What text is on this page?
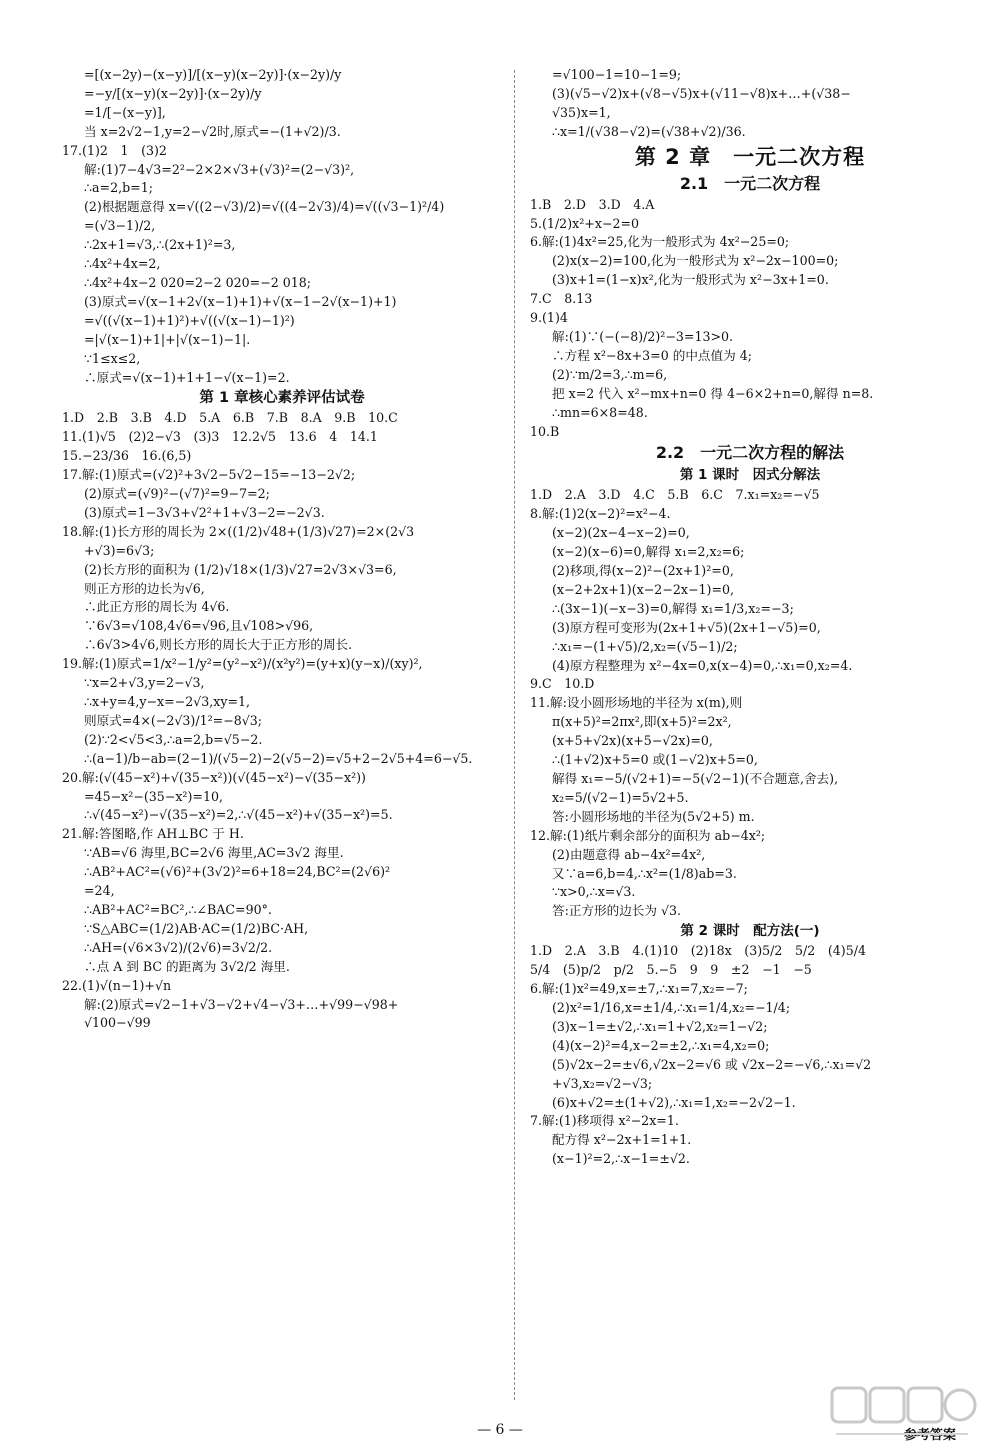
=[(x−2y)−(x−y)]/[(x−y)(x−2y)]·(x−2y)/y
=−y/[(x−y)(x−2y)]·(x−2y)/y
=1/[−(x−y)],
当 x=2√2−1,y=2−√2时,原式=−(1+√2)/3.
17.(1)2　1　(3)2
解:(1)7−4√3=2²−2×2×√3+(√3)²=(2−√3)²,
∴a=2,b=1;
(2)根据题意得 x=√((2−√3)/2)=√((4−2√3)/4)=√((√3−1)²/4)
=(√3−1)/2,
∴2x+1=√3,∴(2x+1)²=3,
∴4x²+4x=2,
∴4x²+4x−2 020=2−2 020=−2 018;
(3)原式=√(x−1+2√(x−1)+1)+√(x−1−2√(x−1)+1)
=√((√(x−1)+1)²)+√((√(x−1)−1)²)
=|√(x−1)+1|+|√(x−1)−1|.
∵1≤x≤2,
∴原式=√(x−1)+1+1−√(x−1)=2.
第 1 章核心素养评估试卷
1.D　2.B　3.B　4.D　5.A　6.B　7.B　8.A　9.B　10.C
11.(1)√5　(2)2−√3　(3)3　12.2√5　13.6　4　14.1
15.−23/36　16.(6,5)
17.解:(1)原式=(√2)²+3√2−5√2−15=−13−2√2;
(2)原式=(√9)²−(√7)²=9−7=2;
(3)原式=1−3√3+√2²+1+√3−2=−2√3.
18.解:(1)长方形的周长为 2×((1/2)√48+(1/3)√27)=2×(2√3
+√3)=6√3;
(2)长方形的面积为 (1/2)√18×(1/3)√27=2√3×√3=6,
则正方形的边长为√6,
∴此正方形的周长为 4√6.
∵6√3=√108,4√6=√96,且√108>√96,
∴6√3>4√6,则长方形的周长大于正方形的周长.
19.解:(1)原式=1/x²−1/y²=(y²−x²)/(x²y²)=(y+x)(y−x)/(xy)²,
∵x=2+√3,y=2−√3,
∴x+y=4,y−x=−2√3,xy=1,
则原式=4×(−2√3)/1²=−8√3;
(2)∵2<√5<3,∴a=2,b=√5−2.
∴(a−1)/b−ab=(2−1)/(√5−2)−2(√5−2)=√5+2−2√5+4=6−√5.
20.解:(√(45−x²)+√(35−x²))(√(45−x²)−√(35−x²))
=45−x²−(35−x²)=10,
∴√(45−x²)−√(35−x²)=2,∴√(45−x²)+√(35−x²)=5.
21.解:答图略,作 AH⊥BC 于 H.
∵AB=√6 海里,BC=2√6 海里,AC=3√2 海里.
∴AB²+AC²=(√6)²+(3√2)²=6+18=24,BC²=(2√6)²
=24,
∴AB²+AC²=BC²,∴∠BAC=90°.
∵S△ABC=(1/2)AB·AC=(1/2)BC·AH,
∴AH=(√6×3√2)/(2√6)=3√2/2.
∴点 A 到 BC 的距离为 3√2/2 海里.
22.(1)√(n−1)+√n
解:(2)原式=√2−1+√3−√2+√4−√3+…+√99−√98+
√100−√99
=√100−1=10−1=9;
(3)(√5−√2)x+(√8−√5)x+(√11−√8)x+…+(√38−
√35)x=1,
∴x=1/(√38−√2)=(√38+√2)/36.
第 2 章　一元二次方程
2.1　一元二次方程
1.B　2.D　3.D　4.A
5.(1/2)x²+x−2=0
6.解:(1)4x²=25,化为一般形式为 4x²−25=0;
(2)x(x−2)=100,化为一般形式为 x²−2x−100=0;
(3)x+1=(1−x)x²,化为一般形式为 x²−3x+1=0.
7.C　8.13
9.(1)4
解:(1)∵(−(−8)/2)²−3=13>0.
∴方程 x²−8x+3=0 的中点值为 4;
(2)∵m/2=3,∴m=6,
把 x=2 代入 x²−mx+n=0 得 4−6×2+n=0,解得 n=8.
∴mn=6×8=48.
10.B
2.2　一元二次方程的解法
第 1 课时　因式分解法
1.D　2.A　3.D　4.C　5.B　6.C　7.x₁=x₂=−√5
8.解:(1)2(x−2)²=x²−4.
(x−2)(2x−4−x−2)=0,
(x−2)(x−6)=0,解得 x₁=2,x₂=6;
(2)移项,得(x−2)²−(2x+1)²=0,
(x−2+2x+1)(x−2−2x−1)=0,
∴(3x−1)(−x−3)=0,解得 x₁=1/3,x₂=−3;
(3)原方程可变形为(2x+1+√5)(2x+1−√5)=0,
∴x₁=−(1+√5)/2,x₂=(√5−1)/2;
(4)原方程整理为 x²−4x=0,x(x−4)=0,∴x₁=0,x₂=4.
9.C　10.D
11.解:设小圆形场地的半径为 x(m),则
π(x+5)²=2πx²,即(x+5)²=2x²,
(x+5+√2x)(x+5−√2x)=0,
∴(1+√2)x+5=0 或(1−√2)x+5=0,
解得 x₁=−5/(√2+1)=−5(√2−1)(不合题意,舍去),
x₂=5/(√2−1)=5√2+5.
答:小圆形场地的半径为(5√2+5) m.
12.解:(1)纸片剩余部分的面积为 ab−4x²;
(2)由题意得 ab−4x²=4x²,
又∵a=6,b=4,∴x²=(1/8)ab=3.
∵x>0,∴x=√3.
答:正方形的边长为 √3.
第 2 课时　配方法(一)
1.D　2.A　3.B　4.(1)10　(2)18x　(3)5/2　5/2　(4)5/4
5/4　(5)p/2　p/2　5.−5　9　9　±2　−1　−5
6.解:(1)x²=49,x=±7,∴x₁=7,x₂=−7;
(2)x²=1/16,x=±1/4,∴x₁=1/4,x₂=−1/4;
(3)x−1=±√2,∴x₁=1+√2,x₂=1−√2;
(4)(x−2)²=4,x−2=±2,∴x₁=4,x₂=0;
(5)√2x−2=±√6,√2x−2=√6 或 √2x−2=−√6,∴x₁=√2
+√3,x₂=√2−√3;
(6)x+√2=±(1+√2),∴x₁=1,x₂=−2√2−1.
7.解:(1)移项得 x²−2x=1.
配方得 x²−2x+1=1+1.
(x−1)²=2,∴x−1=±√2.
— 6 —	参考答案
